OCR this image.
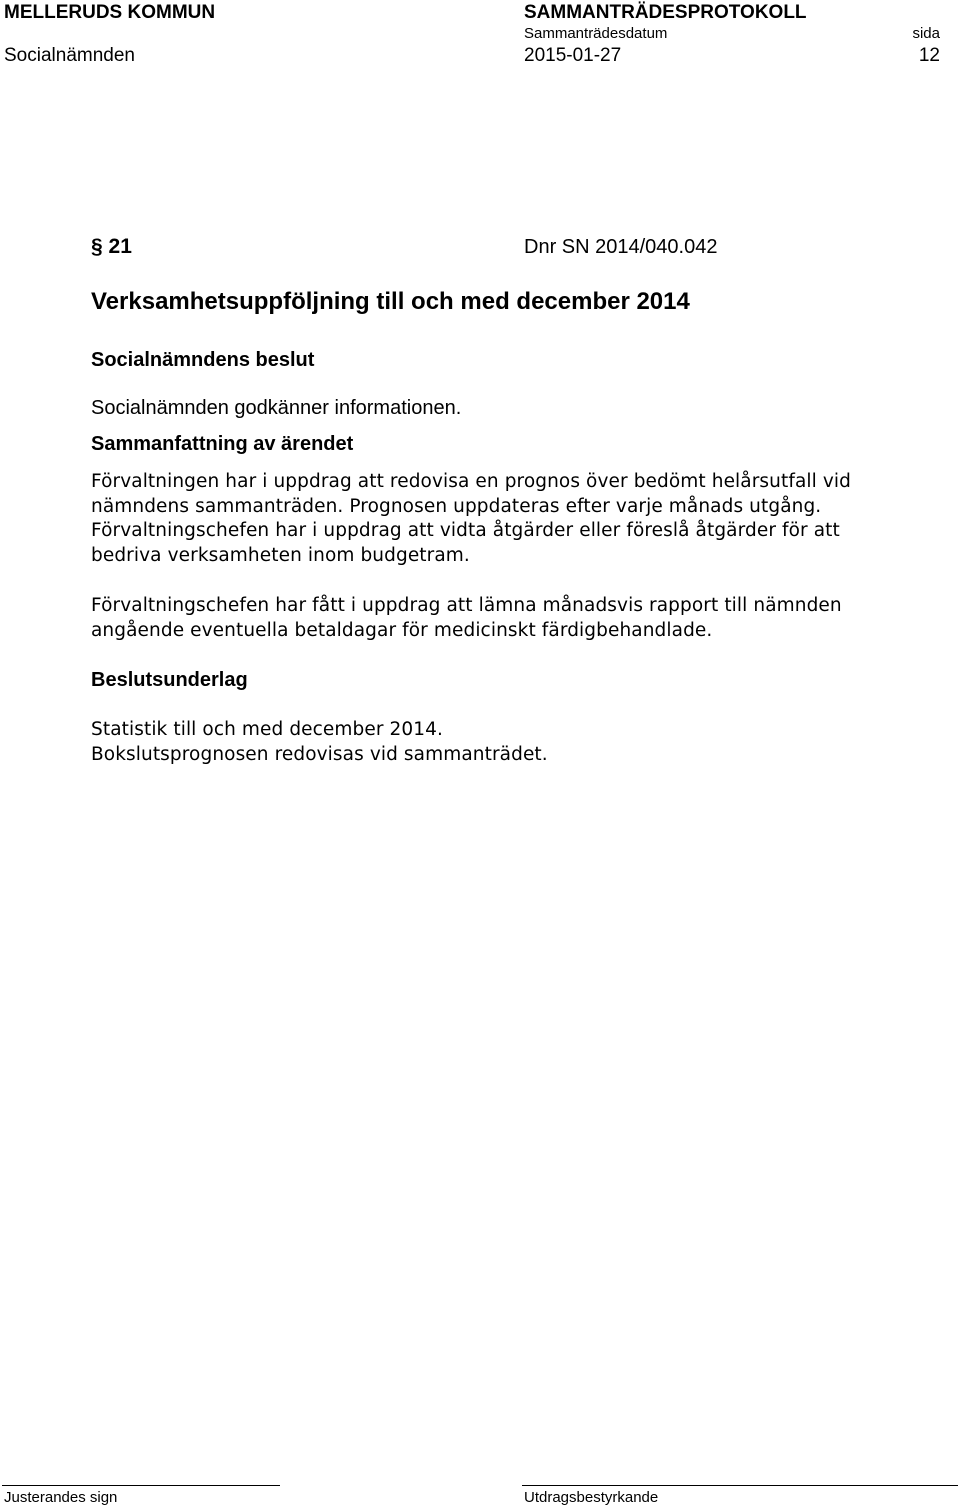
MELLERUDS KOMMUN	SAMMANTRÄDESPROTOKOLL
Sammanträdesdatum	sida
Socialnämnden	2015-01-27	12
§ 21	Dnr SN 2014/040.042
Verksamhetsuppföljning till och med december 2014
Socialnämndens beslut
Socialnämnden godkänner informationen.
Sammanfattning av ärendet

Förvaltningen har i uppdrag att redovisa en prognos över bedömt helårsutfall vid

nämndens sammanträden. Prognosen uppdateras efter varje månads utgång.

Förvaltningschefen har i uppdrag att vidta åtgärder eller föreslå åtgärder för att

bedriva verksamheten inom budgetram.

Förvaltningschefen har fått i uppdrag att lämna månadsvis rapport till nämnden

angående eventuella betaldagar för medicinskt färdigbehandlade.

Beslutsunderlag

Statistik till och med december 2014.

Bokslutsprognosen redovisas vid sammanträdet.

Justerandes sign	Utdragsbestyrkande
